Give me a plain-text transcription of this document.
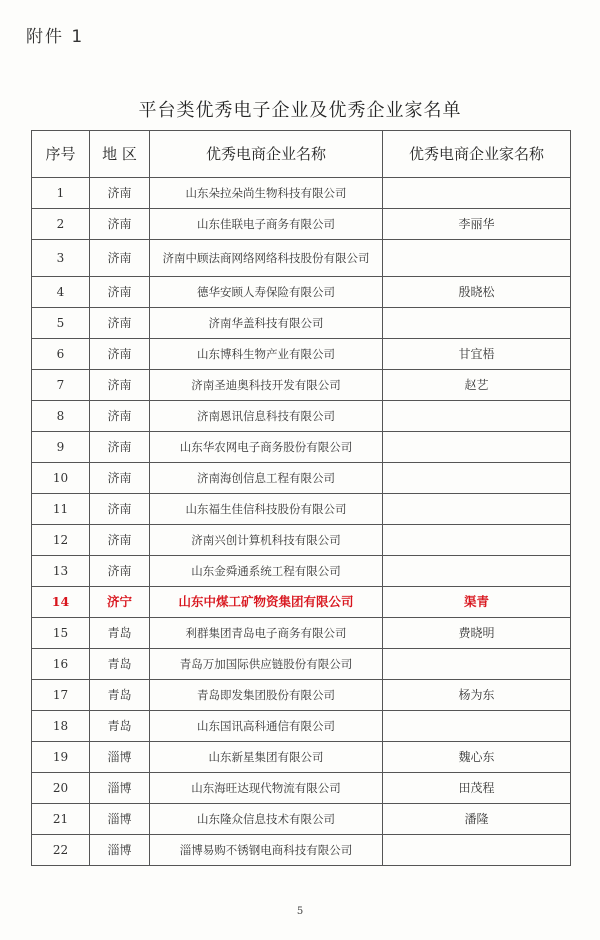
附件 1
平台类优秀电子企业及优秀企业家名单
序号	地 区	优秀电商企业名称	优秀电商企业家名称
1	济南	山东朵拉朵尚生物科技有限公司	
2	济南	山东佳联电子商务有限公司	李丽华
3	济南	济南中顾法商网络网络科技股份有限公司	
4	济南	德华安顾人寿保险有限公司	殷晓松
5	济南	济南华盖科技有限公司	
6	济南	山东博科生物产业有限公司	甘宜梧
7	济南	济南圣迪奥科技开发有限公司	赵艺
8	济南	济南恩讯信息科技有限公司	
9	济南	山东华农网电子商务股份有限公司	
10	济南	济南海创信息工程有限公司	
11	济南	山东福生佳信科技股份有限公司	
12	济南	济南兴创计算机科技有限公司	
13	济南	山东金舜通系统工程有限公司	
14	济宁	山东中煤工矿物资集团有限公司	渠青
15	青岛	利群集团青岛电子商务有限公司	费晓明
16	青岛	青岛万加国际供应链股份有限公司	
17	青岛	青岛即发集团股份有限公司	杨为东
18	青岛	山东国讯高科通信有限公司	
19	淄博	山东新星集团有限公司	魏心东
20	淄博	山东海旺达现代物流有限公司	田茂程
21	淄博	山东隆众信息技术有限公司	潘隆
22	淄博	淄博易购不锈钢电商科技有限公司	
5
